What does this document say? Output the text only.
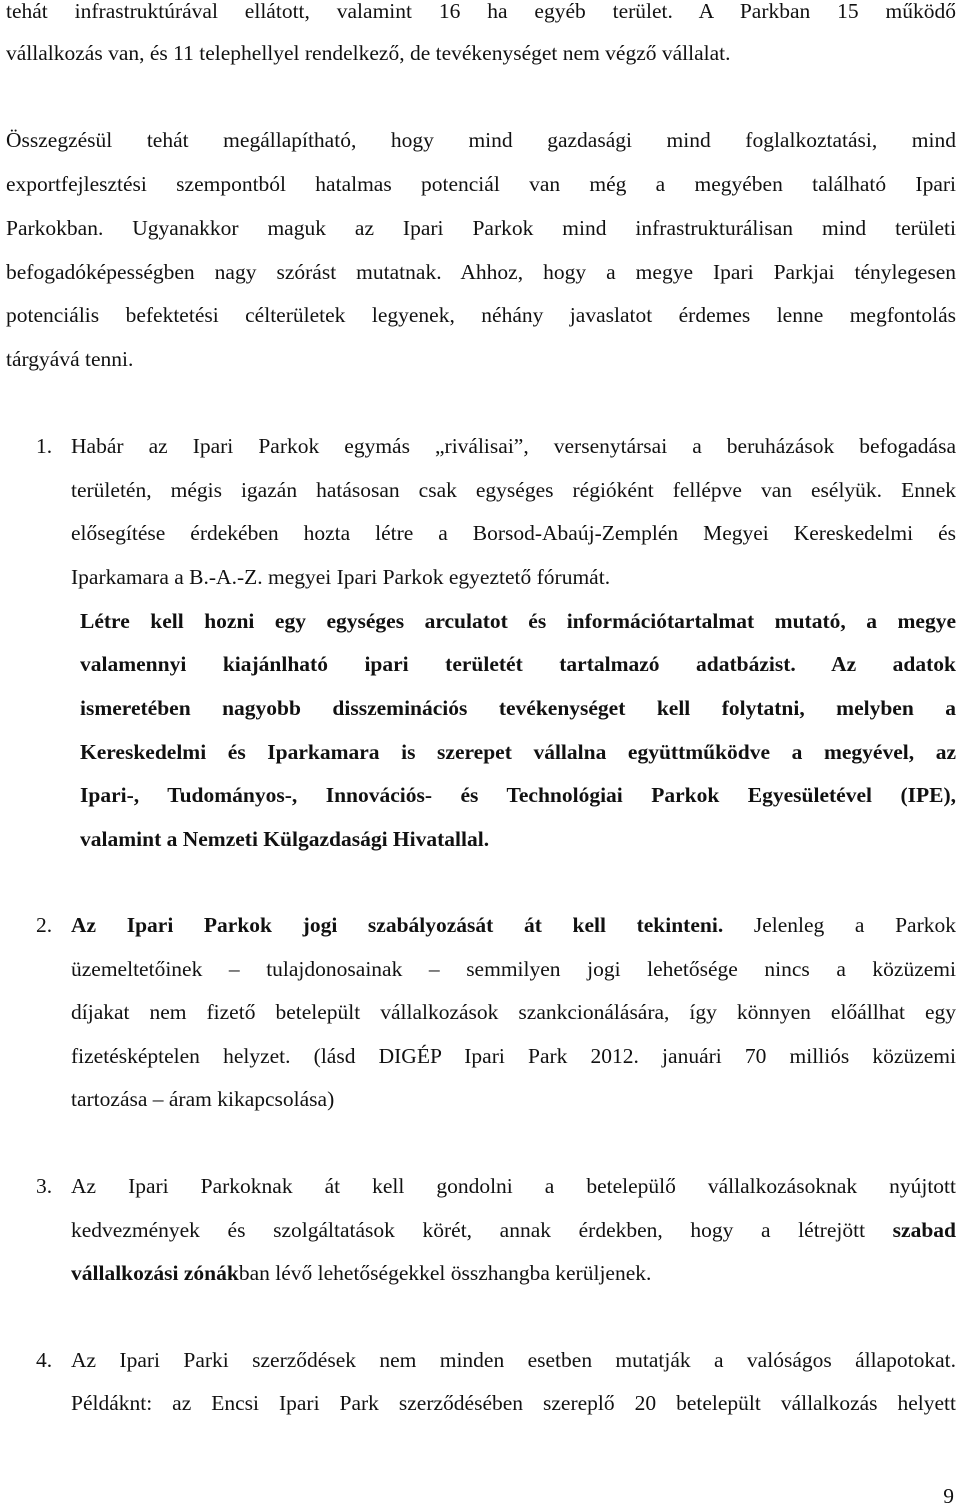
tehát infrastruktúrával ellátott, valamint 16 ha egyéb terület. A Parkban 15 működő
vállalkozás van, és 11 telephellyel rendelkező, de tevékenységet nem végző vállalat.
Összegzésül tehát megállapítható, hogy mind gazdasági mind foglalkoztatási, mind
exportfejlesztési szempontból hatalmas potenciál van még a megyében található Ipari
Parkokban. Ugyanakkor maguk az Ipari Parkok mind infrastrukturálisan mind területi
befogadóképességben nagy szórást mutatnak. Ahhoz, hogy a megye Ipari Parkjai ténylegesen
potenciális befektetési célterületek legyenek, néhány javaslatot érdemes lenne megfontolás
tárgyává tenni.
1. Habár az Ipari Parkok egymás „riválisai”, versenytársai a beruházások befogadása
területén, mégis igazán hatásosan csak egységes régióként fellépve van esélyük. Ennek
elősegítése érdekében hozta létre a Borsod-Abaúj-Zemplén Megyei Kereskedelmi és
Iparkamara a B.-A.-Z. megyei Ipari Parkok egyeztető fórumát.
Létre kell hozni egy egységes arculatot és információtartalmat mutató, a megye
valamennyi kiajánlható ipari területét tartalmazó adatbázist. Az adatok
ismeretében nagyobb disszeminációs tevékenységet kell folytatni, melyben a
Kereskedelmi és Iparkamara is szerepet vállalna együttműködve a megyével, az
Ipari-, Tudományos-, Innovációs- és Technológiai Parkok Egyesületével (IPE),
valamint a Nemzeti Külgazdasági Hivatallal.
2. Az Ipari Parkok jogi szabályozását át kell tekinteni. Jelenleg a Parkok
üzemeltetőinek – tulajdonosainak – semmilyen jogi lehetősége nincs a közüzemi
díjakat nem fizető betelepült vállalkozások szankcionálására, így könnyen előállhat egy
fizetésképtelen helyzet. (lásd DIGÉP Ipari Park 2012. januári 70 milliós közüzemi
tartozása – áram kikapcsolása)
3. Az Ipari Parkoknak át kell gondolni a betelepülő vállalkozásoknak nyújtott
kedvezmények és szolgáltatások körét, annak érdekben, hogy a létrejött szabad
vállalkozási zónákban lévő lehetőségekkel összhangba kerüljenek.
4. Az Ipari Parki szerződések nem minden esetben mutatják a valóságos állapotokat.
Példáknt: az Encsi Ipari Park szerződésében szereplő 20 betelepült vállalkozás helyett
9
